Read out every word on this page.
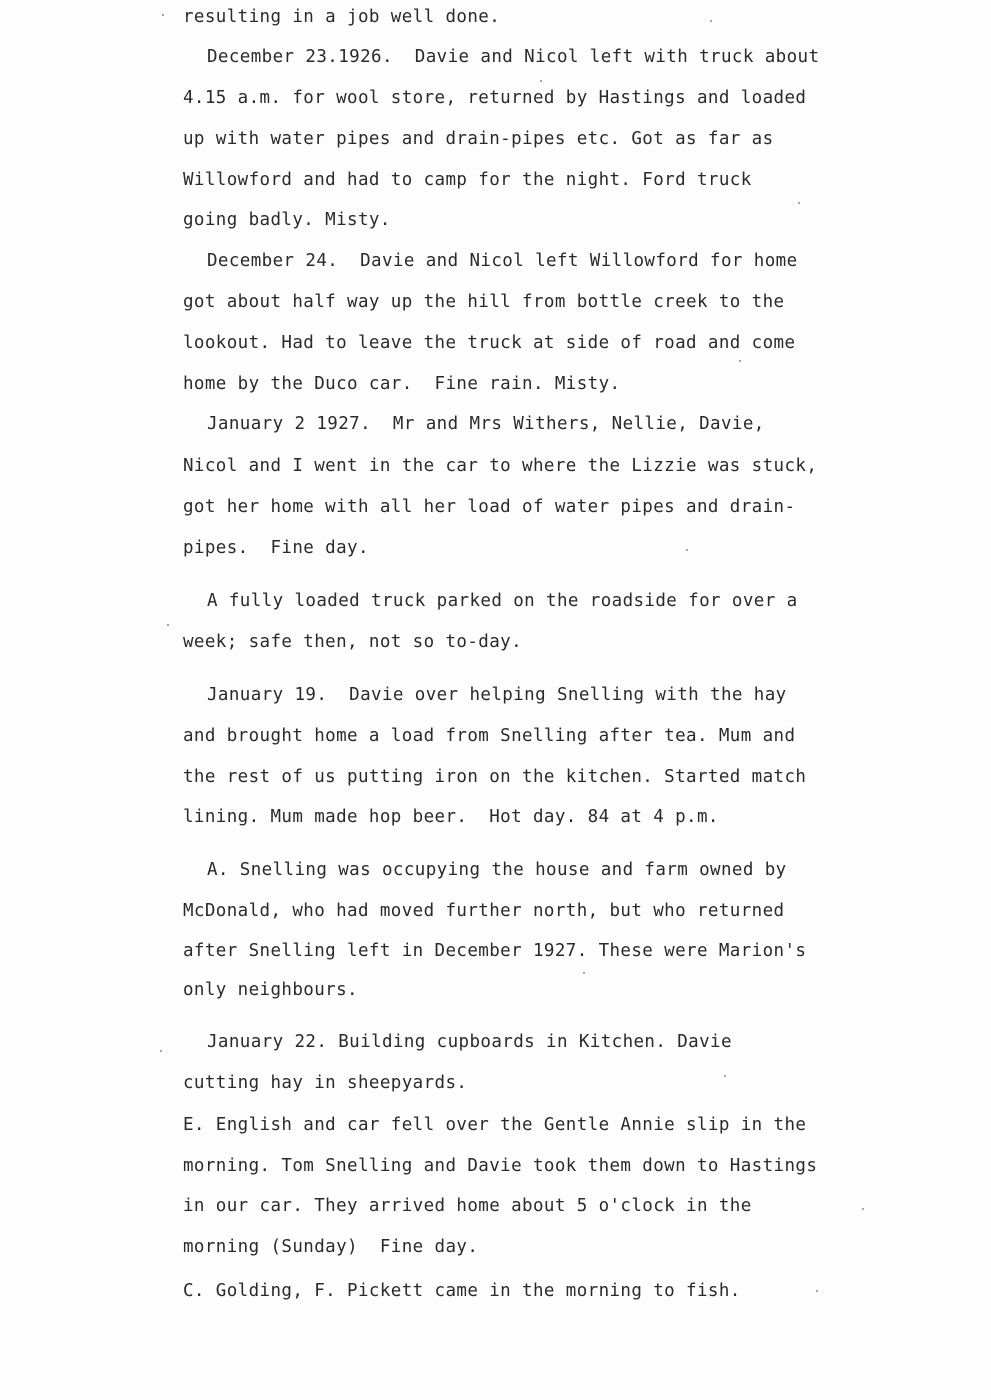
resulting in a job well done.
December 23.1926.  Davie and Nicol left with truck about
4.15 a.m. for wool store, returned by Hastings and loaded
up with water pipes and drain-pipes etc. Got as far as
Willowford and had to camp for the night. Ford truck
going badly. Misty.
December 24.  Davie and Nicol left Willowford for home
got about half way up the hill from bottle creek to the
lookout. Had to leave the truck at side of road and come
home by the Duco car.  Fine rain. Misty.
January 2 1927.  Mr and Mrs Withers, Nellie, Davie,
Nicol and I went in the car to where the Lizzie was stuck,
got her home with all her load of water pipes and drain-
pipes.  Fine day.
A fully loaded truck parked on the roadside for over a
week; safe then, not so to-day.
January 19.  Davie over helping Snelling with the hay
and brought home a load from Snelling after tea. Mum and
the rest of us putting iron on the kitchen. Started match
lining. Mum made hop beer.  Hot day. 84 at 4 p.m.
A. Snelling was occupying the house and farm owned by
McDonald, who had moved further north, but who returned
after Snelling left in December 1927. These were Marion's
only neighbours.
January 22. Building cupboards in Kitchen. Davie
cutting hay in sheepyards.
E. English and car fell over the Gentle Annie slip in the
morning. Tom Snelling and Davie took them down to Hastings
in our car. They arrived home about 5 o'clock in the
morning (Sunday)  Fine day.
C. Golding, F. Pickett came in the morning to fish.
